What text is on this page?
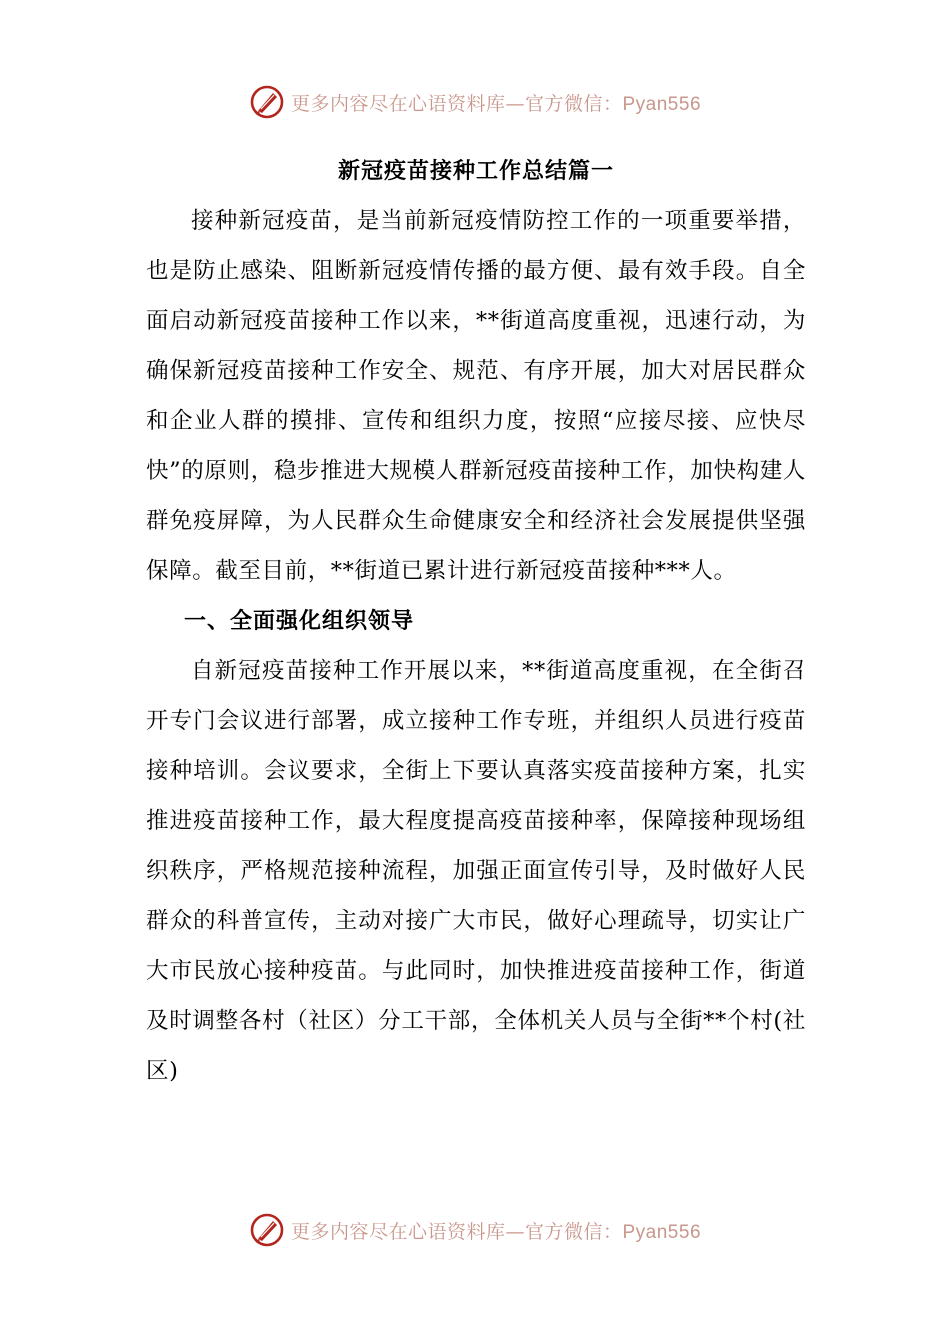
更多内容尽在心语资料库—官方微信：Pyan556
新冠疫苗接种工作总结篇一

接种新冠疫苗，是当前新冠疫情防控工作的一项重要举措，也是防止感染、阻断新冠疫情传播的最方便、最有效手段。自全面启动新冠疫苗接种工作以来，**街道高度重视，迅速行动，为确保新冠疫苗接种工作安全、规范、有序开展，加大对居民群众和企业人群的摸排、宣传和组织力度，按照“应接尽接、应快尽快”的原则，稳步推进大规模人群新冠疫苗接种工作，加快构建人群免疫屏障，为人民群众生命健康安全和经济社会发展提供坚强保障。截至目前，**街道已累计进行新冠疫苗接种***人。

一、全面强化组织领导

自新冠疫苗接种工作开展以来，**街道高度重视，在全街召开专门会议进行部署，成立接种工作专班，并组织人员进行疫苗接种培训。会议要求，全街上下要认真落实疫苗接种方案，扎实推进疫苗接种工作，最大程度提高疫苗接种率，保障接种现场组织秩序，严格规范接种流程，加强正面宣传引导，及时做好人民群众的科普宣传，主动对接广大市民，做好心理疏导，切实让广大市民放心接种疫苗。与此同时，加快推进疫苗接种工作，街道及时调整各村（社区）分工干部，全体机关人员与全街**个村(社区)

更多内容尽在心语资料库—官方微信：Pyan556
